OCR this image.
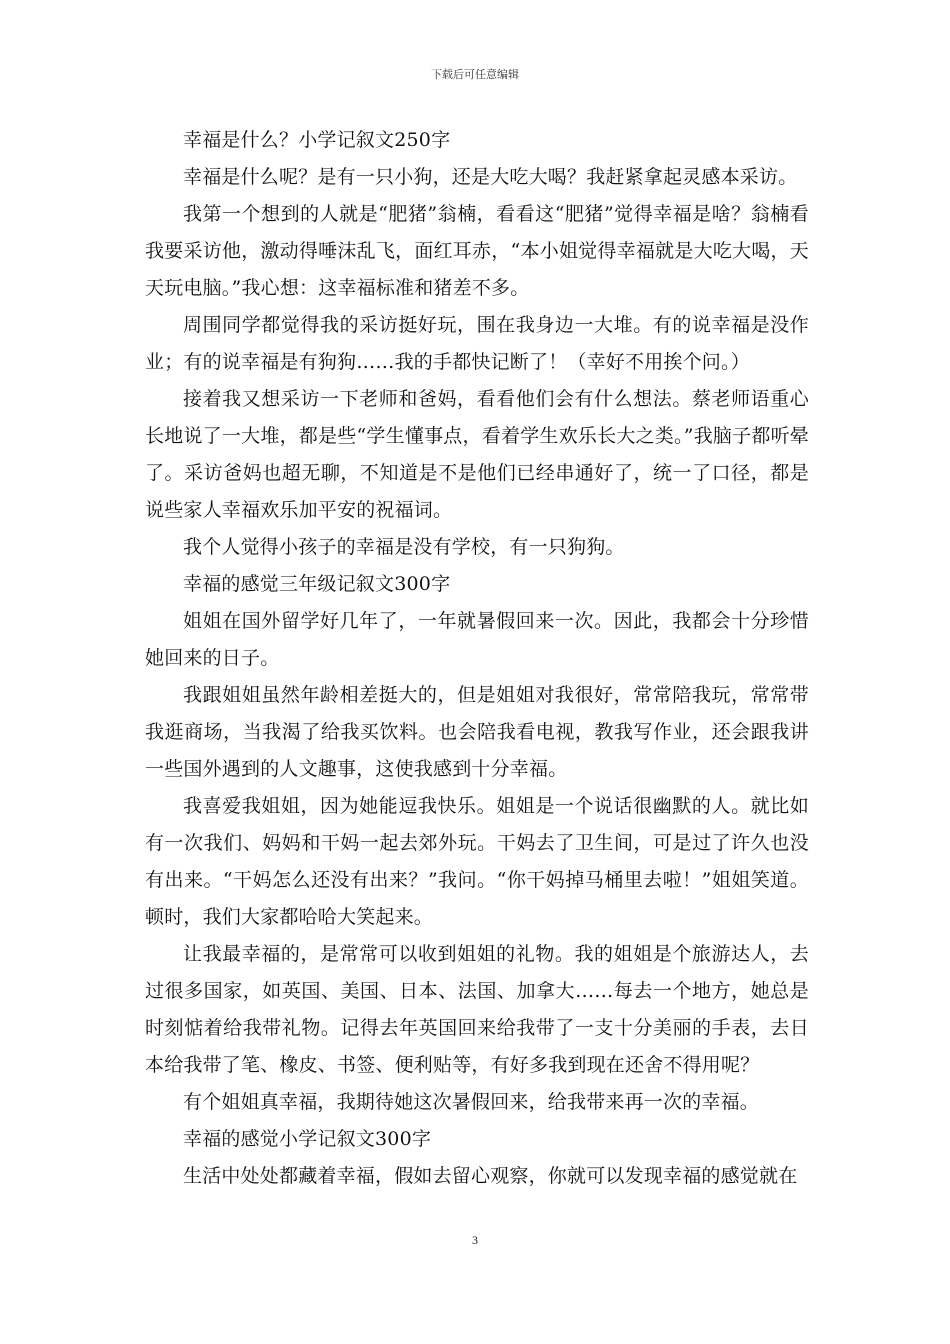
下载后可任意编辑

幸福是什么？小学记叙文250字

幸福是什么呢？是有一只小狗，还是大吃大喝？我赶紧拿起灵感本采访。

我第一个想到的人就是“肥猪”翁楠，看看这“肥猪”觉得幸福是啥？翁楠看我要采访他，激动得唾沫乱飞，面红耳赤，“本小姐觉得幸福就是大吃大喝，天天玩电脑。”我心想：这幸福标准和猪差不多。

周围同学都觉得我的采访挺好玩，围在我身边一大堆。有的说幸福是没作业；有的说幸福是有狗狗……我的手都快记断了！（幸好不用挨个问。）

接着我又想采访一下老师和爸妈，看看他们会有什么想法。蔡老师语重心长地说了一大堆，都是些“学生懂事点，看着学生欢乐长大之类。”我脑子都听晕了。采访爸妈也超无聊，不知道是不是他们已经串通好了，统一了口径，都是说些家人幸福欢乐加平安的祝福词。

我个人觉得小孩子的幸福是没有学校，有一只狗狗。

幸福的感觉三年级记叙文300字

姐姐在国外留学好几年了，一年就暑假回来一次。因此，我都会十分珍惜她回来的日子。

我跟姐姐虽然年龄相差挺大的，但是姐姐对我很好，常常陪我玩，常常带我逛商场，当我渴了给我买饮料。也会陪我看电视，教我写作业，还会跟我讲一些国外遇到的人文趣事，这使我感到十分幸福。

我喜爱我姐姐，因为她能逗我快乐。姐姐是一个说话很幽默的人。就比如有一次我们、妈妈和干妈一起去郊外玩。干妈去了卫生间，可是过了许久也没有出来。“干妈怎么还没有出来？”我问。“你干妈掉马桶里去啦！”姐姐笑道。顿时，我们大家都哈哈大笑起来。

让我最幸福的，是常常可以收到姐姐的礼物。我的姐姐是个旅游达人，去过很多国家，如英国、美国、日本、法国、加拿大……每去一个地方，她总是时刻惦着给我带礼物。记得去年英国回来给我带了一支十分美丽的手表，去日本给我带了笔、橡皮、书签、便利贴等，有好多我到现在还舍不得用呢？

有个姐姐真幸福，我期待她这次暑假回来，给我带来再一次的幸福。

幸福的感觉小学记叙文300字

生活中处处都藏着幸福，假如去留心观察，你就可以发现幸福的感觉就在

3
